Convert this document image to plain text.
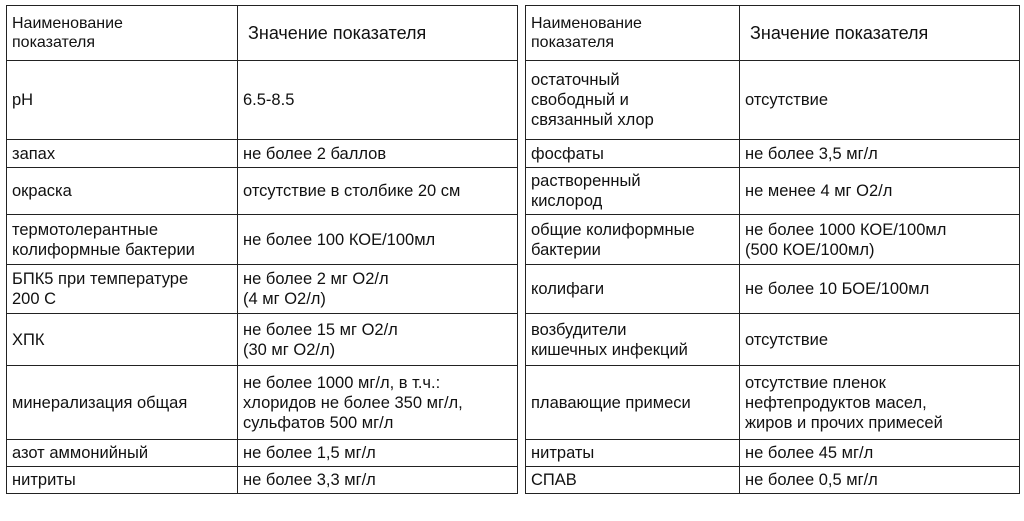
Наименование
показателя	Значение показателя

pH	6.5-8.5

запах	не более 2 баллов

окраска	отсутствие в столбике 20 см

термотолерантные
колиформные бактерии	не более 100 КОЕ/100мл

БПК5 при температуре
200 С	не более 2 мг О2/л
(4 мг О2/л)

ХПК	не более 15 мг О2/л
(30 мг О2/л)

минерализация общая	не более 1000 мг/л, в т.ч.:
хлоридов не более 350 мг/л,
сульфатов 500 мг/л

азот аммонийный	не более 1,5 мг/л

нитриты	не более 3,3 мг/л
Наименование
показателя	Значение показателя

остаточный
свободный и
связанный хлор	отсутствие

фосфаты	не более 3,5 мг/л

растворенный
кислород	не менее 4 мг О2/л

общие колиформные
бактерии	не более 1000 КОЕ/100мл
(500 КОЕ/100мл)

колифаги	не более 10 БОЕ/100мл

возбудители
кишечных инфекций	отсутствие

плавающие примеси	отсутствие пленок
нефтепродуктов масел,
жиров и прочих примесей

нитраты	не более 45 мг/л

СПАВ	не более 0,5 мг/л
